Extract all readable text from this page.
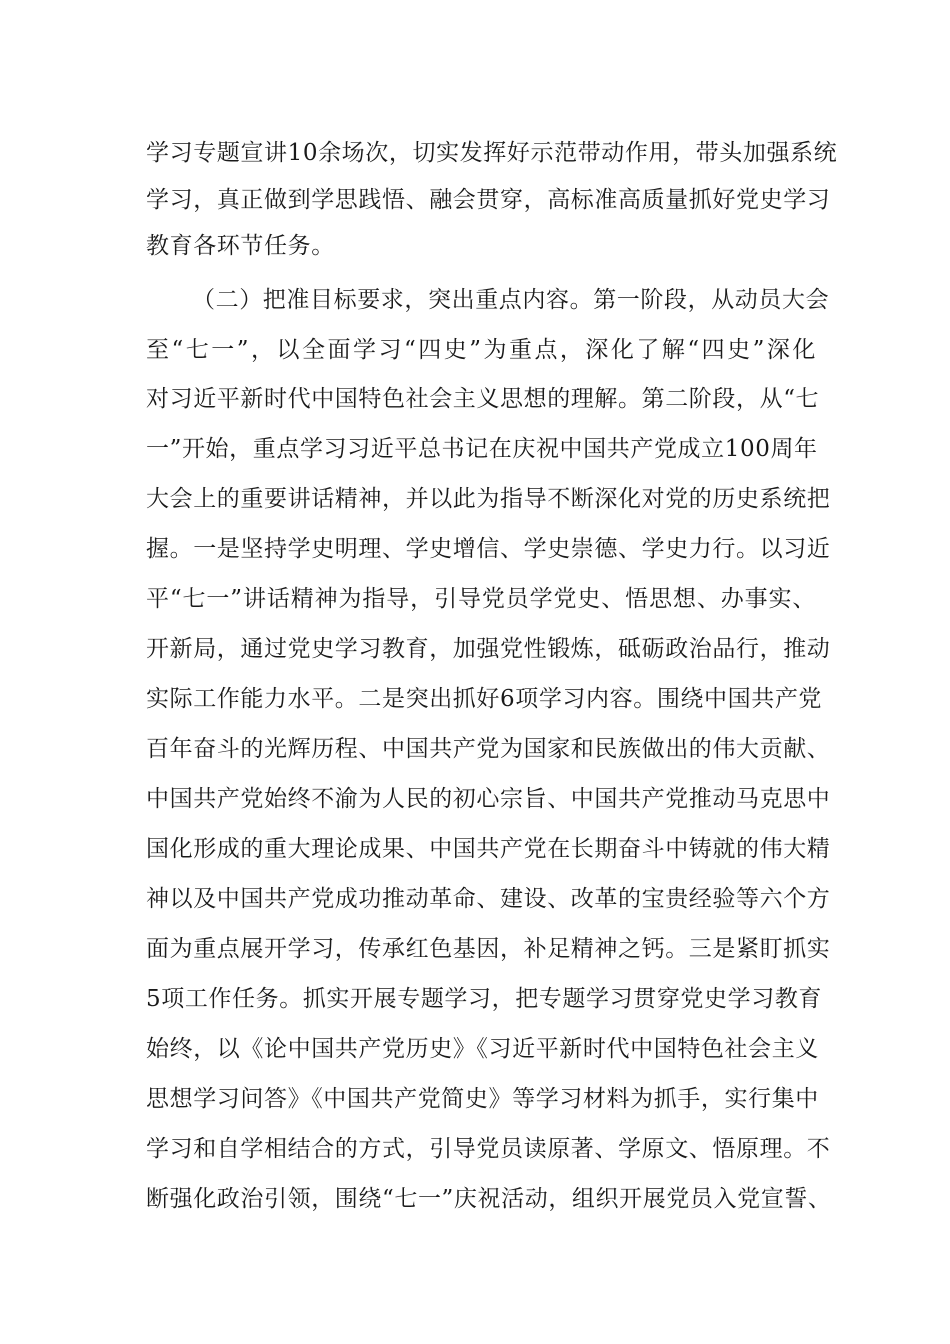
学习专题宣讲10余场次，切实发挥好示范带动作用，带头加强系统
学习，真正做到学思践悟、融会贯穿，高标准高质量抓好党史学习
教育各环节任务。
（二）把准目标要求，突出重点内容。第一阶段，从动员大会
至“七一”，以全面学习“四史”为重点，深化了解“四史”深化
对习近平新时代中国特色社会主义思想的理解。第二阶段，从“七
一”开始，重点学习习近平总书记在庆祝中国共产党成立100周年
大会上的重要讲话精神，并以此为指导不断深化对党的历史系统把
握。一是坚持学史明理、学史增信、学史崇德、学史力行。以习近
平“七一”讲话精神为指导，引导党员学党史、悟思想、办事实、
开新局，通过党史学习教育，加强党性锻炼，砥砺政治品行，推动
实际工作能力水平。二是突出抓好6项学习内容。围绕中国共产党
百年奋斗的光辉历程、中国共产党为国家和民族做出的伟大贡献、
中国共产党始终不渝为人民的初心宗旨、中国共产党推动马克思中
国化形成的重大理论成果、中国共产党在长期奋斗中铸就的伟大精
神以及中国共产党成功推动革命、建设、改革的宝贵经验等六个方
面为重点展开学习，传承红色基因，补足精神之钙。三是紧盯抓实
5项工作任务。抓实开展专题学习，把专题学习贯穿党史学习教育
始终，以《论中国共产党历史》《习近平新时代中国特色社会主义
思想学习问答》《中国共产党简史》等学习材料为抓手，实行集中
学习和自学相结合的方式，引导党员读原著、学原文、悟原理。不
断强化政治引领，围绕“七一”庆祝活动，组织开展党员入党宣誓、
